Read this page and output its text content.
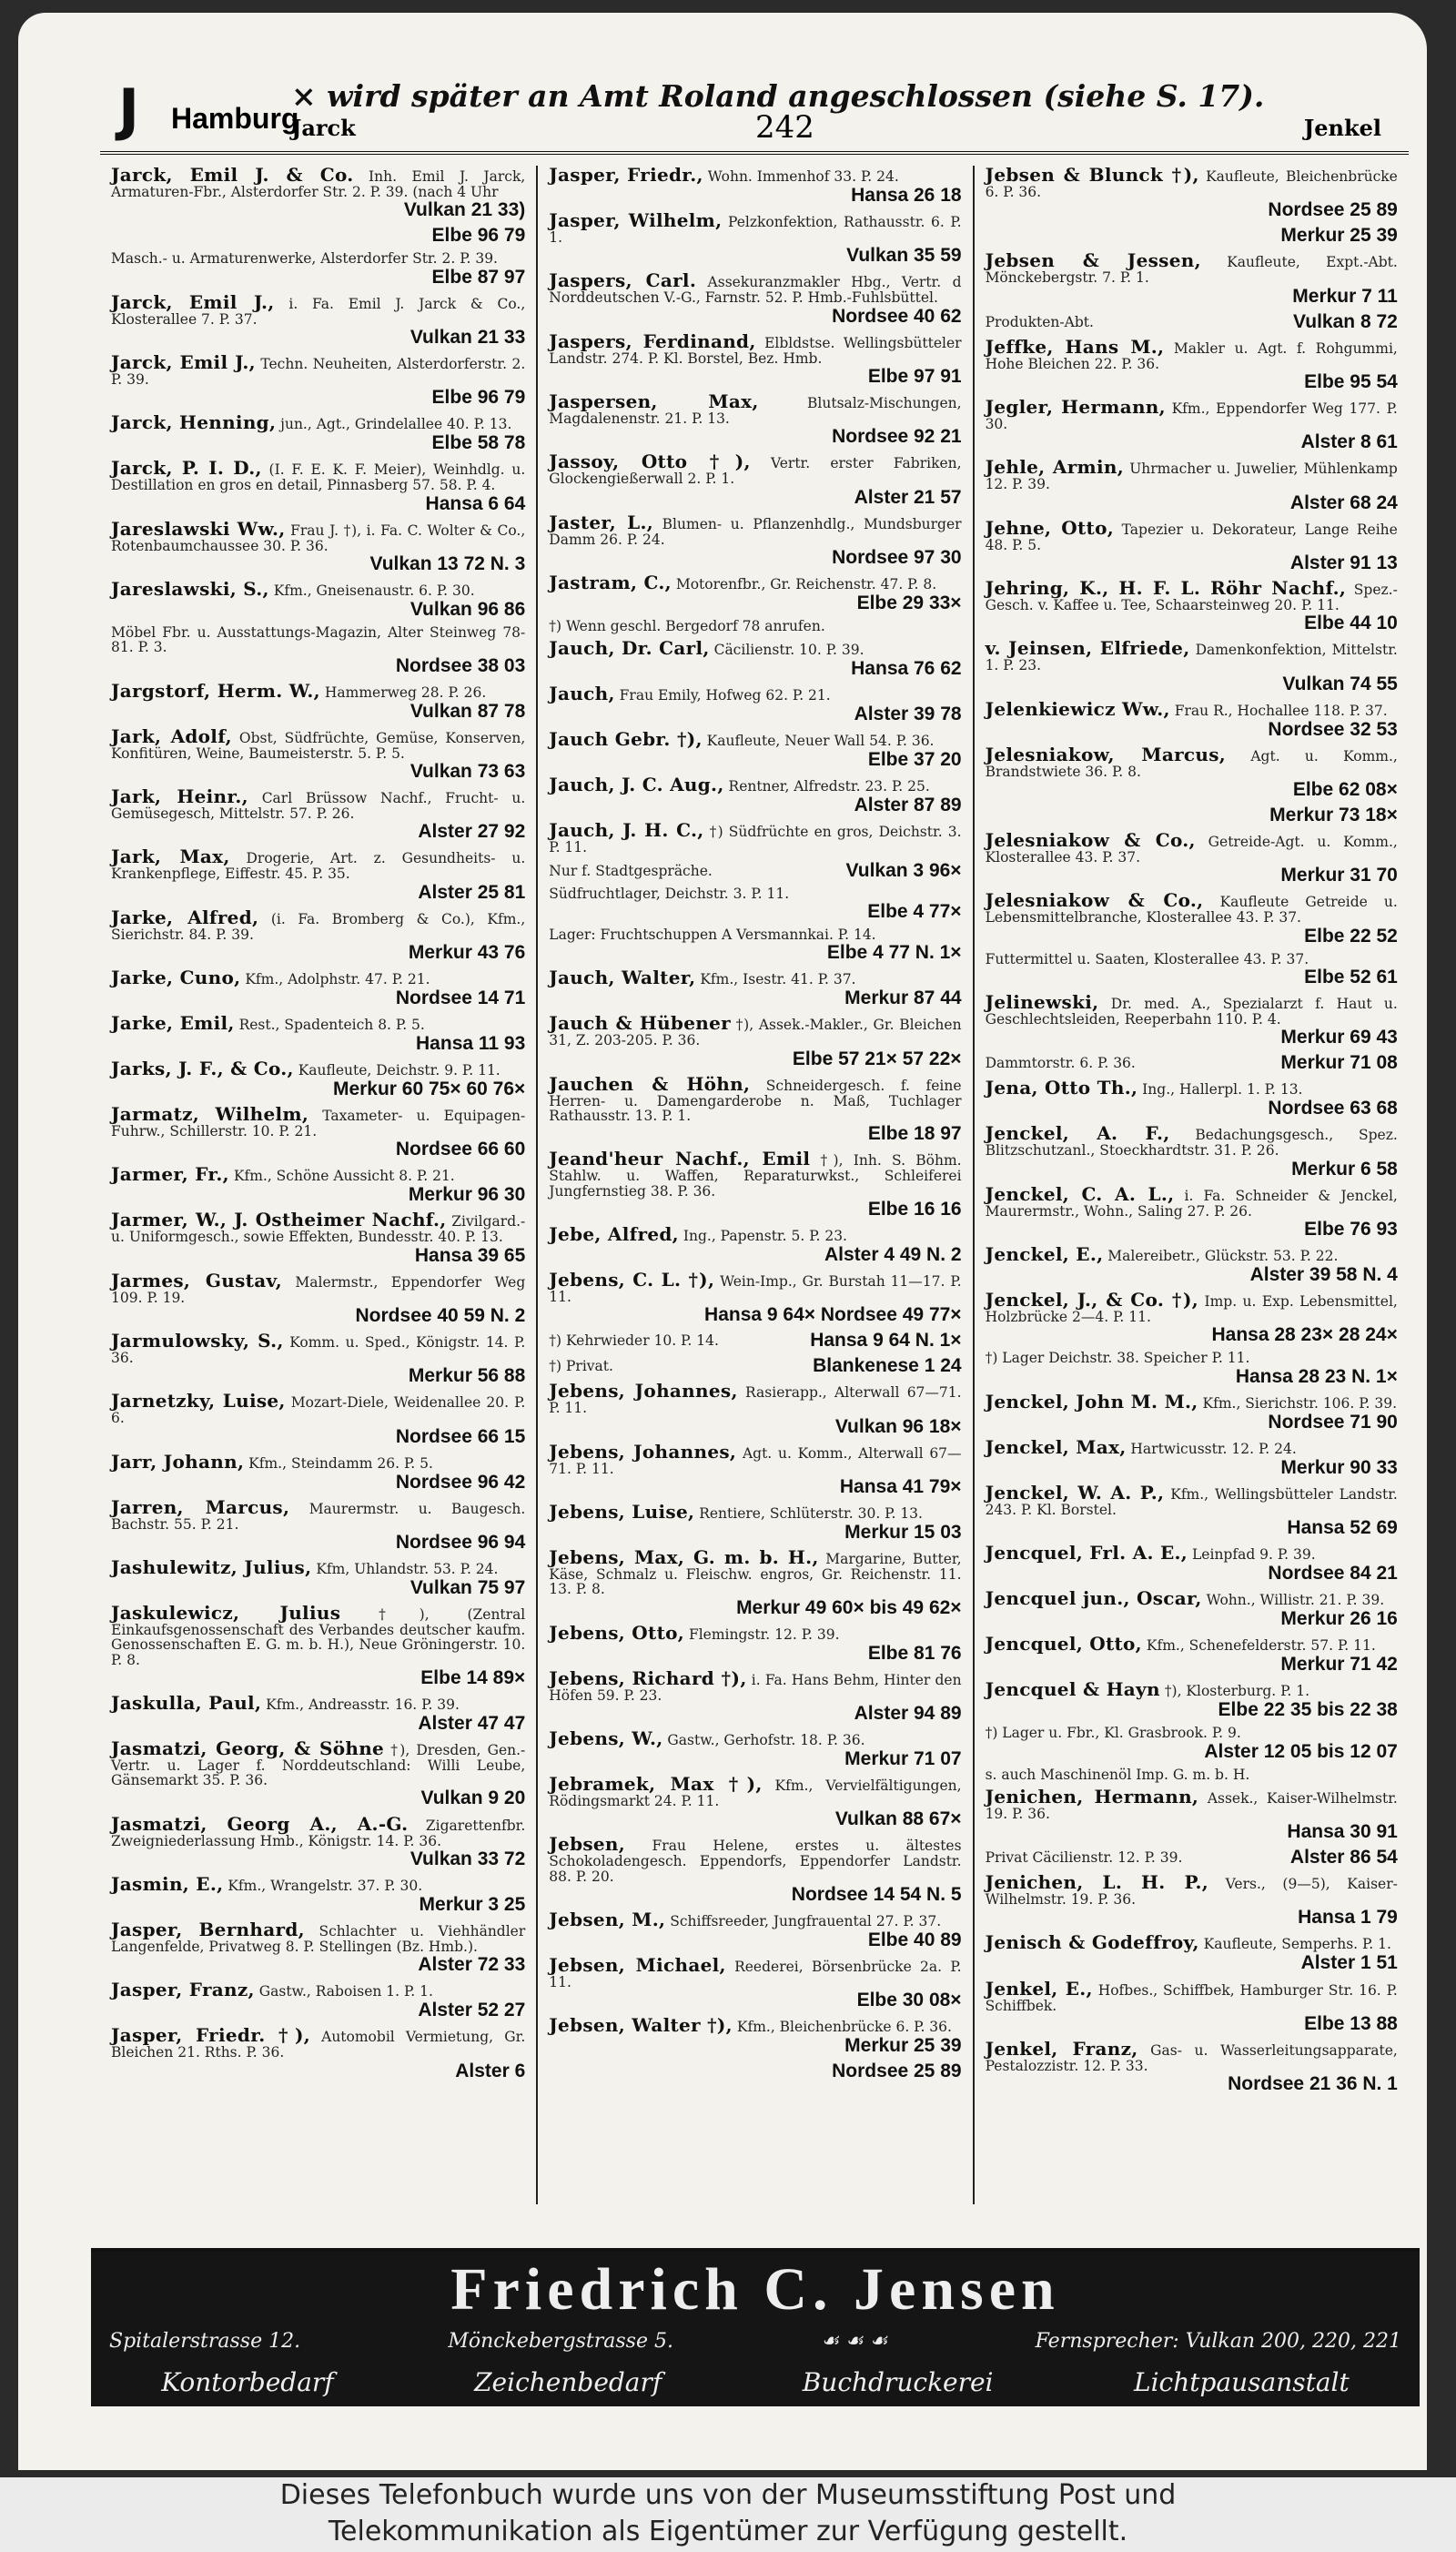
J Hamburg
× wird später an Amt Roland angeschlossen (siehe S. 17).
Jarck	242	Jenkel
Jarck, Emil J. & Co. Inh. Emil J. Jarck, Armaturen-Fbr., Alsterdorfer Str. 2. P. 39. (nach 4 Uhr
Vulkan 21 33)
Elbe 96 79
Masch.- u. Armaturenwerke, Alsterdorfer Str. 2. P. 39.
Elbe 87 97
Jarck, Emil J., i. Fa. Emil J. Jarck & Co., Klosterallee 7. P. 37.
Vulkan 21 33
Jarck, Emil J., Techn. Neuheiten, Alsterdorferstr. 2. P. 39.
Elbe 96 79
Jarck, Henning, jun., Agt., Grindelallee 40. P. 13.
Elbe 58 78
Jarck, P. I. D., (I. F. E. K. F. Meier), Weinhdlg. u. Destillation en gros en detail, Pinnasberg 57. 58. P. 4.
Hansa 6 64
Jareslawski Ww., Frau J. †), i. Fa. C. Wolter & Co., Rotenbaumchaussee 30. P. 36.
Vulkan 13 72 N. 3
Jareslawski, S., Kfm., Gneisenaustr. 6. P. 30.
Vulkan 96 86
Möbel Fbr. u. Ausstattungs-Magazin, Alter Steinweg 78-81. P. 3.
Nordsee 38 03
Jargstorf, Herm. W., Hammerweg 28. P. 26.
Vulkan 87 78
Jark, Adolf, Obst, Südfrüchte, Gemüse, Konserven, Konfitüren, Weine, Baumeisterstr. 5. P. 5.
Vulkan 73 63
Jark, Heinr., Carl Brüssow Nachf., Frucht- u. Gemüsegesch, Mittelstr. 57. P. 26.
Alster 27 92
Jark, Max, Drogerie, Art. z. Gesundheits- u. Krankenpflege, Eiffestr. 45. P. 35.
Alster 25 81
Jarke, Alfred, (i. Fa. Bromberg & Co.), Kfm., Sierichstr. 84. P. 39.
Merkur 43 76
Jarke, Cuno, Kfm., Adolphstr. 47. P. 21.
Nordsee 14 71
Jarke, Emil, Rest., Spadenteich 8. P. 5.
Hansa 11 93
Jarks, J. F., & Co., Kaufleute, Deichstr. 9. P. 11.
Merkur 60 75× 60 76×
Jarmatz, Wilhelm, Taxameter- u. Equipagen-Fuhrw., Schillerstr. 10. P. 21.
Nordsee 66 60
Jarmer, Fr., Kfm., Schöne Aussicht 8. P. 21.
Merkur 96 30
Jarmer, W., J. Ostheimer Nachf., Zivilgard.- u. Uniformgesch., sowie Effekten, Bundesstr. 40. P. 13.
Hansa 39 65
Jarmes, Gustav, Malermstr., Eppendorfer Weg 109. P. 19.
Nordsee 40 59 N. 2
Jarmulowsky, S., Komm. u. Sped., Königstr. 14. P. 36.
Merkur 56 88
Jarnetzky, Luise, Mozart-Diele, Weidenallee 20. P. 6.
Nordsee 66 15
Jarr, Johann, Kfm., Steindamm 26. P. 5.
Nordsee 96 42
Jarren, Marcus, Maurermstr. u. Baugesch. Bachstr. 55. P. 21.
Nordsee 96 94
Jashulewitz, Julius, Kfm, Uhlandstr. 53. P. 24.
Vulkan 75 97
Jaskulewicz, Julius	†), (Zentral Einkaufsgenossenschaft des Verbandes deutscher kaufm. Genossenschaften E. G. m. b. H.), Neue Gröningerstr. 10. P. 8.
Elbe 14 89×
Jaskulla, Paul, Kfm., Andreasstr. 16. P. 39.
Alster 47 47
Jasmatzi, Georg, & Söhne †), Dresden, Gen.-Vertr. u. Lager f. Norddeutschland: Willi Leube, Gänsemarkt 35. P. 36.
Vulkan 9 20
Jasmatzi, Georg A., A.-G. Zigarettenfbr. Zweigniederlassung Hmb., Königstr. 14. P. 36.
Vulkan 33 72
Jasmin, E., Kfm., Wrangelstr. 37. P. 30.
Merkur 3 25
Jasper, Bernhard, Schlachter u. Viehhändler Langenfelde, Privatweg 8. P. Stellingen (Bz. Hmb.).
Alster 72 33
Jasper, Franz, Gastw., Raboisen 1. P. 1.
Alster 52 27
Jasper, Friedr. †), Automobil Vermietung, Gr. Bleichen 21. Rths. P. 36.
Alster 6
Jasper, Friedr., Wohn. Immenhof 33. P. 24.
Hansa 26 18
Jasper, Wilhelm, Pelzkonfektion, Rathausstr. 6. P. 1.
Vulkan 35 59
Jaspers, Carl. Assekuranzmakler Hbg., Vertr. d Norddeutschen V.-G., Farnstr. 52. P. Hmb.-Fuhlsbüttel.
Nordsee 40 62
Jaspers, Ferdinand, Elbldstse. Wellingsbütteler Landstr. 274. P. Kl. Borstel, Bez. Hmb.
Elbe 97 91
Jaspersen, Max,	Blutsalz-Mischungen, Magdalenenstr. 21. P. 13.
Nordsee 92 21
Jassoy, Otto †), Vertr. erster Fabriken, Glockengießerwall 2. P. 1.
Alster 21 57
Jaster, L., Blumen- u. Pflanzenhdlg., Mundsburger Damm 26. P. 24.
Nordsee 97 30
Jastram, C., Motorenfbr., Gr. Reichenstr. 47. P. 8.
Elbe 29 33×
†) Wenn geschl. Bergedorf 78 anrufen.
Jauch, Dr. Carl, Cäcilienstr. 10. P. 39.
Hansa 76 62
Jauch, Frau Emily, Hofweg 62. P. 21.
Alster 39 78
Jauch Gebr. †), Kaufleute, Neuer Wall 54. P. 36.
Elbe 37 20
Jauch, J. C. Aug., Rentner, Alfredstr. 23. P. 25.
Alster 87 89
Jauch, J. H. C., †) Südfrüchte en gros, Deichstr. 3. P. 11.
Nur f. Stadtgespräche.	Vulkan 3 96×
Südfruchtlager, Deichstr. 3. P. 11.
Elbe 4 77×
Lager: Fruchtschuppen A Versmannkai. P. 14.
Elbe 4 77 N. 1×
Jauch, Walter, Kfm., Isestr. 41. P. 37.
Merkur 87 44
Jauch & Hübener †), Assek.-Makler., Gr. Bleichen 31, Z. 203-205. P. 36.
Elbe 57 21× 57 22×
Jauchen & Höhn, Schneidergesch. f. feine Herren- u. Damengarderobe n. Maß, Tuchlager Rathausstr. 13. P. 1.
Elbe 18 97
Jeand'heur Nachf., Emil †), Inh. S. Böhm. Stahlw. u. Waffen, Reparaturwkst., Schleiferei Jungfernstieg 38. P. 36.
Elbe 16 16
Jebe, Alfred, Ing., Papenstr. 5. P. 23.
Alster 4 49 N. 2
Jebens, C. L. †), Wein-Imp., Gr. Burstah 11—17. P. 11.
Hansa 9 64× Nordsee 49 77×
†) Kehrwieder 10. P. 14.	Hansa 9 64 N. 1×
†) Privat.	Blankenese 1 24
Jebens, Johannes, Rasierapp., Alterwall 67—71. P. 11.
Vulkan 96 18×
Jebens, Johannes, Agt. u. Komm., Alterwall 67—71. P. 11.
Hansa 41 79×
Jebens, Luise, Rentiere, Schlüterstr. 30. P. 13.
Merkur 15 03
Jebens, Max, G. m. b. H., Margarine, Butter, Käse, Schmalz u. Fleischw. engros, Gr. Reichenstr. 11. 13. P. 8.
Merkur 49 60× bis 49 62×
Jebens, Otto, Flemingstr. 12. P. 39.
Elbe 81 76
Jebens, Richard †), i. Fa. Hans Behm, Hinter den Höfen 59. P. 23.
Alster 94 89
Jebens, W., Gastw., Gerhofstr. 18. P. 36.
Merkur 71 07
Jebramek, Max †), Kfm., Vervielfältigungen, Rödingsmarkt 24. P. 11.
Vulkan 88 67×
Jebsen, Frau Helene, erstes u. ältestes Schokoladengesch. Eppendorfs, Eppendorfer Landstr. 88. P. 20.
Nordsee 14 54 N. 5
Jebsen, M., Schiffsreeder, Jungfrauental 27. P. 37.
Elbe 40 89
Jebsen, Michael, Reederei, Börsenbrücke 2a. P. 11.
Elbe 30 08×
Jebsen, Walter †), Kfm., Bleichenbrücke 6. P. 36.
Merkur 25 39
Nordsee 25 89
Jebsen & Blunck †), Kaufleute, Bleichenbrücke 6. P. 36.
Nordsee 25 89
Merkur 25 39
Jebsen & Jessen, Kaufleute, Expt.-Abt. Mönckebergstr. 7. P. 1.
Merkur 7 11
Produkten-Abt.	Vulkan 8 72
Jeffke, Hans M., Makler u. Agt. f. Rohgummi, Hohe Bleichen 22. P. 36.
Elbe 95 54
Jegler, Hermann, Kfm., Eppendorfer Weg 177. P. 30.
Alster 8 61
Jehle, Armin, Uhrmacher u. Juwelier, Mühlenkamp 12. P. 39.
Alster 68 24
Jehne, Otto, Tapezier u. Dekorateur, Lange Reihe 48. P. 5.
Alster 91 13
Jehring, K., H. F. L. Röhr Nachf., Spez.-Gesch. v. Kaffee u. Tee, Schaarsteinweg 20. P. 11.
Elbe 44 10
v. Jeinsen, Elfriede, Damenkonfektion, Mittelstr. 1. P. 23.
Vulkan 74 55
Jelenkiewicz Ww., Frau R., Hochallee 118. P. 37.
Nordsee 32 53
Jelesniakow, Marcus, Agt. u. Komm., Brandstwiete 36. P. 8.
Elbe 62 08×
Merkur 73 18×
Jelesniakow & Co., Getreide-Agt. u. Komm., Klosterallee 43. P. 37.
Merkur 31 70
Jelesniakow & Co., Kaufleute Getreide u. Lebensmittelbranche, Klosterallee 43. P. 37.
Elbe 22 52
Futtermittel u. Saaten, Klosterallee 43. P. 37.
Elbe 52 61
Jelinewski, Dr. med. A., Spezialarzt f. Haut u. Geschlechtsleiden, Reeperbahn 110. P. 4.
Merkur 69 43
Dammtorstr. 6. P. 36.	Merkur 71 08
Jena, Otto Th., Ing., Hallerpl. 1. P. 13.
Nordsee 63 68
Jenckel, A. F., Bedachungsgesch., Spez. Blitzschutzanl., Stoeckhardtstr. 31. P. 26.
Merkur 6 58
Jenckel, C. A. L., i. Fa. Schneider & Jenckel, Maurermstr., Wohn., Saling 27. P. 26.
Elbe 76 93
Jenckel, E., Malereibetr., Glückstr. 53. P. 22.
Alster 39 58 N. 4
Jenckel, J., & Co. †), Imp. u. Exp. Lebensmittel, Holzbrücke 2—4. P. 11.
Hansa 28 23× 28 24×
†) Lager Deichstr. 38. Speicher P. 11.
Hansa 28 23 N. 1×
Jenckel, John M. M., Kfm., Sierichstr. 106. P. 39.
Nordsee 71 90
Jenckel, Max, Hartwicusstr. 12. P. 24.
Merkur 90 33
Jenckel, W. A. P., Kfm., Wellingsbütteler Landstr. 243. P. Kl. Borstel.
Hansa 52 69
Jencquel, Frl. A. E., Leinpfad 9. P. 39.
Nordsee 84 21
Jencquel jun., Oscar, Wohn., Willistr. 21. P. 39.
Merkur 26 16
Jencquel, Otto, Kfm., Schenefelderstr. 57. P. 11.
Merkur 71 42
Jencquel & Hayn †), Klosterburg. P. 1.
Elbe 22 35 bis 22 38
†) Lager u. Fbr., Kl. Grasbrook. P. 9.
Alster 12 05 bis 12 07
s. auch Maschinenöl Imp. G. m. b. H.
Jenichen, Hermann, Assek., Kaiser-Wilhelmstr. 19. P. 36.
Hansa 30 91
Privat Cäcilienstr. 12. P. 39.	Alster 86 54
Jenichen, L. H. P., Vers., (9—5), Kaiser-Wilhelmstr. 19. P. 36.
Hansa 1 79
Jenisch & Godeffroy, Kaufleute, Semperhs. P. 1.
Alster 1 51
Jenkel, E., Hofbes., Schiffbek, Hamburger Str. 16. P. Schiffbek.
Elbe 13 88
Jenkel, Franz, Gas- u. Wasserleitungsapparate, Pestalozzistr. 12. P. 33.
Nordsee 21 36 N. 1
Friedrich C. Jensen
Spitalerstrasse 12.	Mönckebergstrasse 5.	☙ ☙ ☙	Fernsprecher: Vulkan 200, 220, 221
Kontorbedarf	Zeichenbedarf	Buchdruckerei	Lichtpausanstalt
Dieses Telefonbuch wurde uns von der Museumsstiftung Post und
Telekommunikation als Eigentümer zur Verfügung gestellt.
